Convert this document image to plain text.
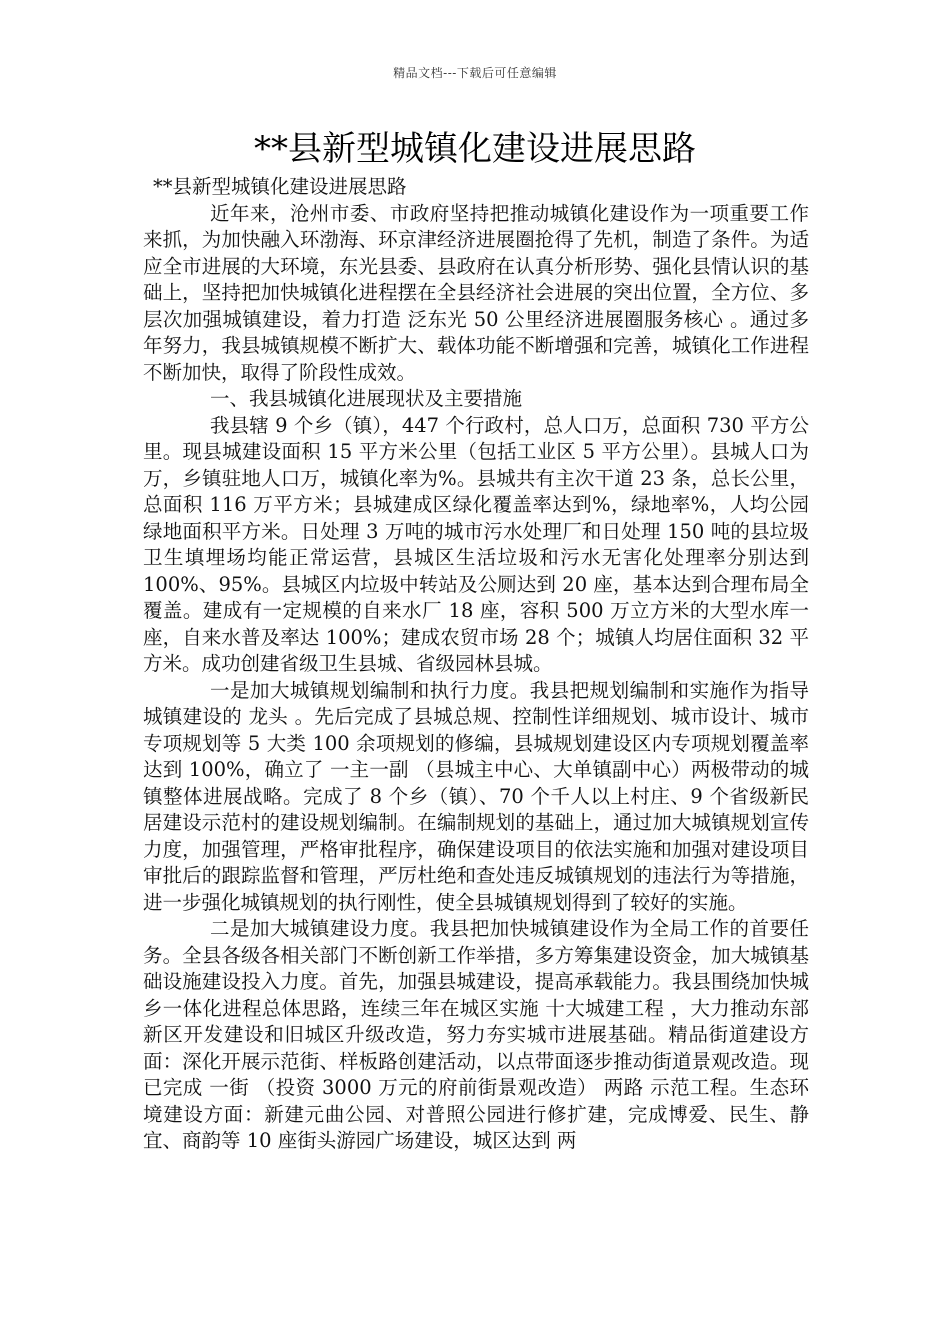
精品文档---下载后可任意编辑
**县新型城镇化建设进展思路

**县新型城镇化建设进展思路

近年来，沧州市委、市政府坚持把推动城镇化建设作为一项重要工作来抓，为加快融入环渤海、环京津经济进展圈抢得了先机，制造了条件。为适应全市进展的大环境，东光县委、县政府在认真分析形势、强化县情认识的基础上，坚持把加快城镇化进程摆在全县经济社会进展的突出位置，全方位、多层次加强城镇建设，着力打造 泛东光 50 公里经济进展圈服务核心 。通过多年努力，我县城镇规模不断扩大、载体功能不断增强和完善，城镇化工作进程不断加快，取得了阶段性成效。

一、我县城镇化进展现状及主要措施

我县辖 9 个乡（镇），447 个行政村，总人口万，总面积 730 平方公里。现县城建设面积 15 平方米公里（包括工业区 5 平方公里）。县城人口为万，乡镇驻地人口万，城镇化率为%。县城共有主次干道 23 条，总长公里，总面积 116 万平方米；县城建成区绿化覆盖率达到%，绿地率%，人均公园绿地面积平方米。日处理 3 万吨的城市污水处理厂和日处理 150 吨的县垃圾卫生填埋场均能正常运营，县城区生活垃圾和污水无害化处理率分别达到 100%、95%。县城区内垃圾中转站及公厕达到 20 座，基本达到合理布局全覆盖。建成有一定规模的自来水厂 18 座，容积 500 万立方米的大型水库一座，自来水普及率达 100%；建成农贸市场 28 个；城镇人均居住面积 32 平方米。成功创建省级卫生县城、省级园林县城。

一是加大城镇规划编制和执行力度。我县把规划编制和实施作为指导城镇建设的 龙头 。先后完成了县城总规、控制性详细规划、城市设计、城市专项规划等 5 大类 100 余项规划的修编，县城规划建设区内专项规划覆盖率达到 100%，确立了 一主一副 （县城主中心、大单镇副中心）两极带动的城镇整体进展战略。完成了 8 个乡（镇）、70 个千人以上村庄、9 个省级新民居建设示范村的建设规划编制。在编制规划的基础上，通过加大城镇规划宣传力度，加强管理，严格审批程序，确保建设项目的依法实施和加强对建设项目审批后的跟踪监督和管理，严厉杜绝和查处违反城镇规划的违法行为等措施，进一步强化城镇规划的执行刚性，使全县城镇规划得到了较好的实施。

二是加大城镇建设力度。我县把加快城镇建设作为全局工作的首要任务。全县各级各相关部门不断创新工作举措，多方筹集建设资金，加大城镇基础设施建设投入力度。首先，加强县城建设，提高承载能力。我县围绕加快城乡一体化进程总体思路，连续三年在城区实施 十大城建工程 ，大力推动东部新区开发建设和旧城区升级改造，努力夯实城市进展基础。精品街道建设方面：深化开展示范街、样板路创建活动，以点带面逐步推动街道景观改造。现已完成 一街 （投资 3000 万元的府前街景观改造） 两路 示范工程。生态环境建设方面：新建元曲公园、对普照公园进行修扩建，完成博爱、民生、静宜、商韵等 10 座街头游园广场建设，城区达到 两
